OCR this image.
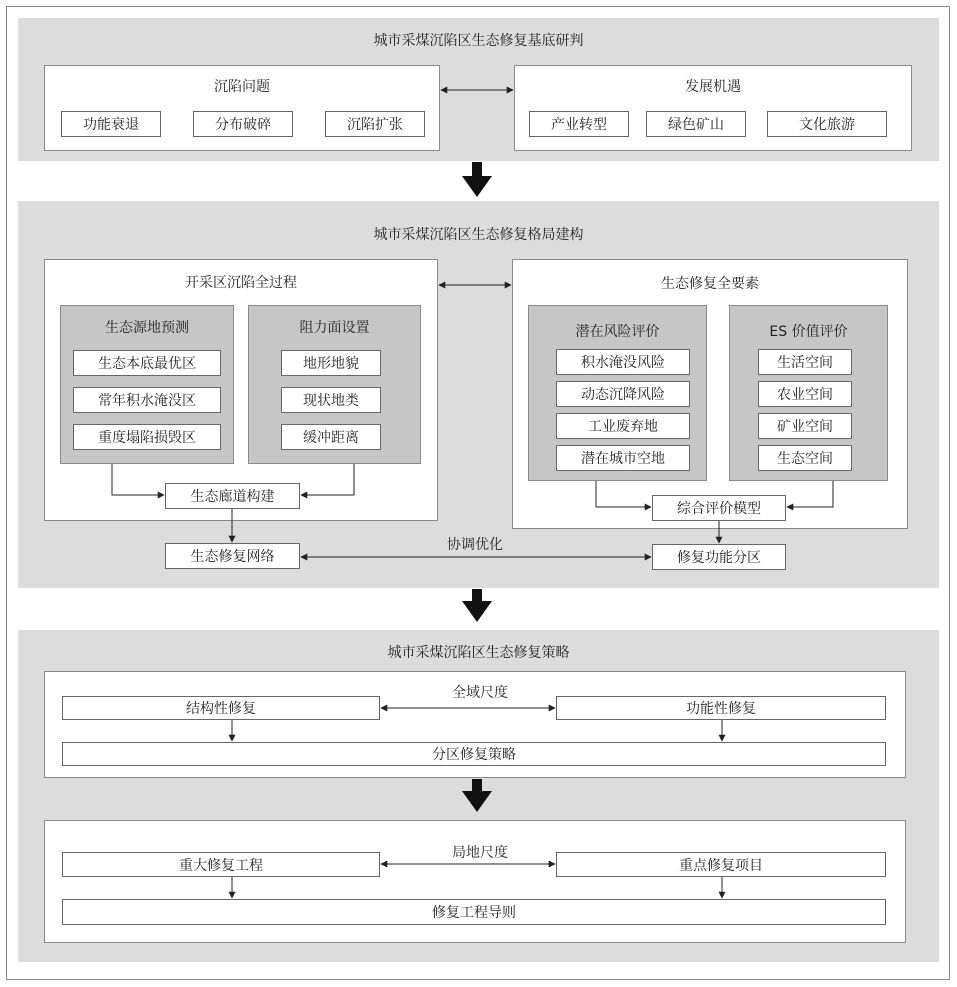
城市采煤沉陷区生态修复基底研判
沉陷问题
功能衰退	分布破碎	沉陷扩张
发展机遇
产业转型	绿色矿山	文化旅游
城市采煤沉陷区生态修复格局建构
开采区沉陷全过程
生态源地预测
生态本底最优区
常年积水淹没区
重度塌陷损毁区
阻力面设置
地形地貌
现状地类
缓冲距离
生态廊道构建
生态修复全要素
潜在风险评价
积水淹没风险
动态沉降风险
工业废弃地
潜在城市空地
ES 价值评价
生活空间
农业空间
矿业空间
生态空间
综合评价模型
生态修复网络
协调优化
修复功能分区
城市采煤沉陷区生态修复策略
全域尺度
结构性修复	功能性修复
分区修复策略
局地尺度
重大修复工程	重点修复项目
修复工程导则
